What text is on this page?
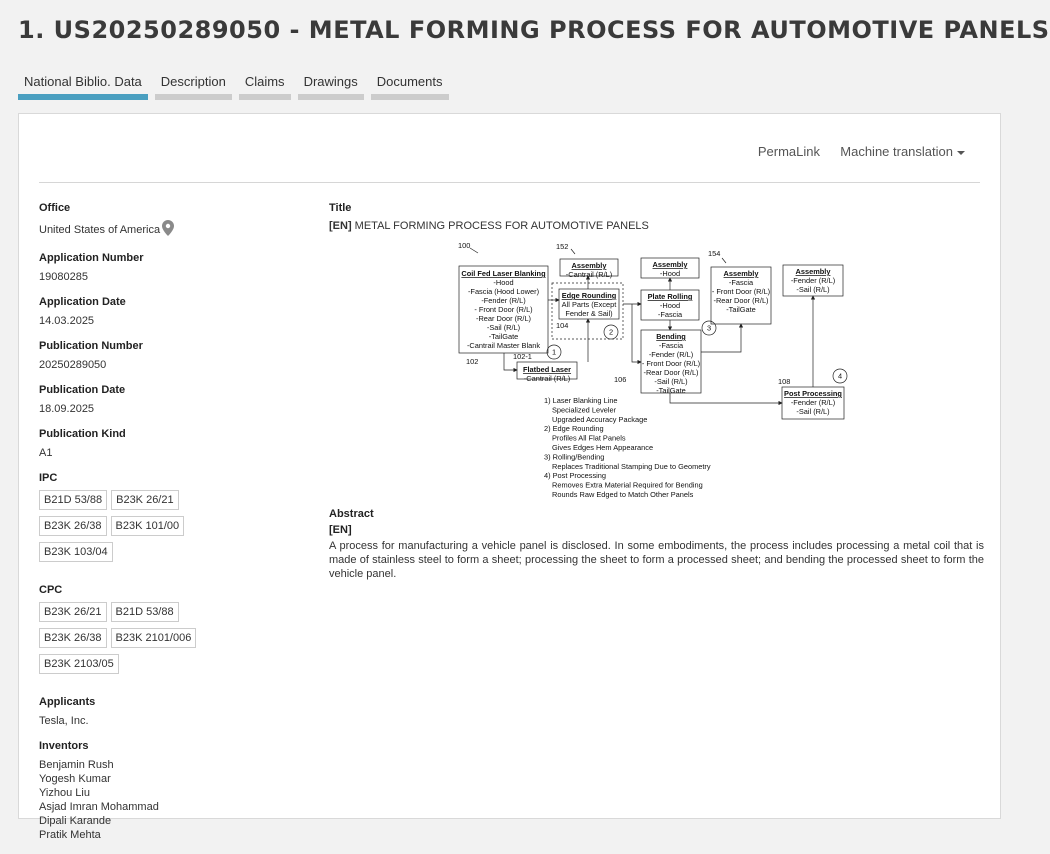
1. US20250289050 - METAL FORMING PROCESS FOR AUTOMOTIVE PANELS
National Biblio. Data	Description	Claims	Drawings	Documents
PermaLink Machine translation
Office
United States of America
Application Number
19080285
Application Date
14.03.2025
Publication Number
20250289050
Publication Date
18.09.2025
Publication Kind
A1
IPC
B21D 53/88	B23K 26/21
B23K 26/38	B23K 101/00
B23K 103/04
CPC
B23K 26/21	B21D 53/88
B23K 26/38	B23K 2101/006
B23K 2103/05
Applicants
Tesla, Inc.
Inventors
Benjamin Rush
Yogesh Kumar
Yizhou Liu
Asjad Imran Mohammad
Dipali Karande
Pratik Mehta
Title
[EN] METAL FORMING PROCESS FOR AUTOMOTIVE PANELS
Coil Fed Laser Blanking
-Hood
-Fascia (Hood Lower)
-Fender (R/L)
- Front Door (R/L)
-Rear Door (R/L)
-Sail (R/L)
-TailGate
-Cantrail Master Blank
Flatbed Laser
-Cantrail (R/L)
Assembly
-Cantrail (R/L)
Edge Rounding
All Parts (Except
Fender & Sail)
Assembly
-Hood
Plate Rolling
-Hood
-Fascia
Bending
-Fascia
-Fender (R/L)
- Front Door (R/L)
-Rear Door (R/L)
-Sail (R/L)
-TailGate
Assembly
-Fascia
- Front Door (R/L)
-Rear Door (R/L)
-TailGate
Assembly
-Fender (R/L)
-Sail (R/L)
Post Processing
-Fender (R/L)
-Sail (R/L)
100
102
102-1
104
152
154
106	108
1
2	3
4
1) Laser Blanking Line
Specialized Leveler
Upgraded Accuracy Package
2) Edge Rounding
Profiles All Flat Panels
Gives Edges Hem Appearance
3) Rolling/Bending
Replaces Traditional Stamping Due to Geometry
4) Post Processing
Removes Extra Material Required for Bending
Rounds Raw Edged to Match Other Panels
Abstract
[EN]
A process for manufacturing a vehicle panel is disclosed. In some embodiments, the process includes processing a metal coil that is made of stainless steel to form a sheet; processing the sheet to form a processed sheet; and bending the processed sheet to form the vehicle panel.
